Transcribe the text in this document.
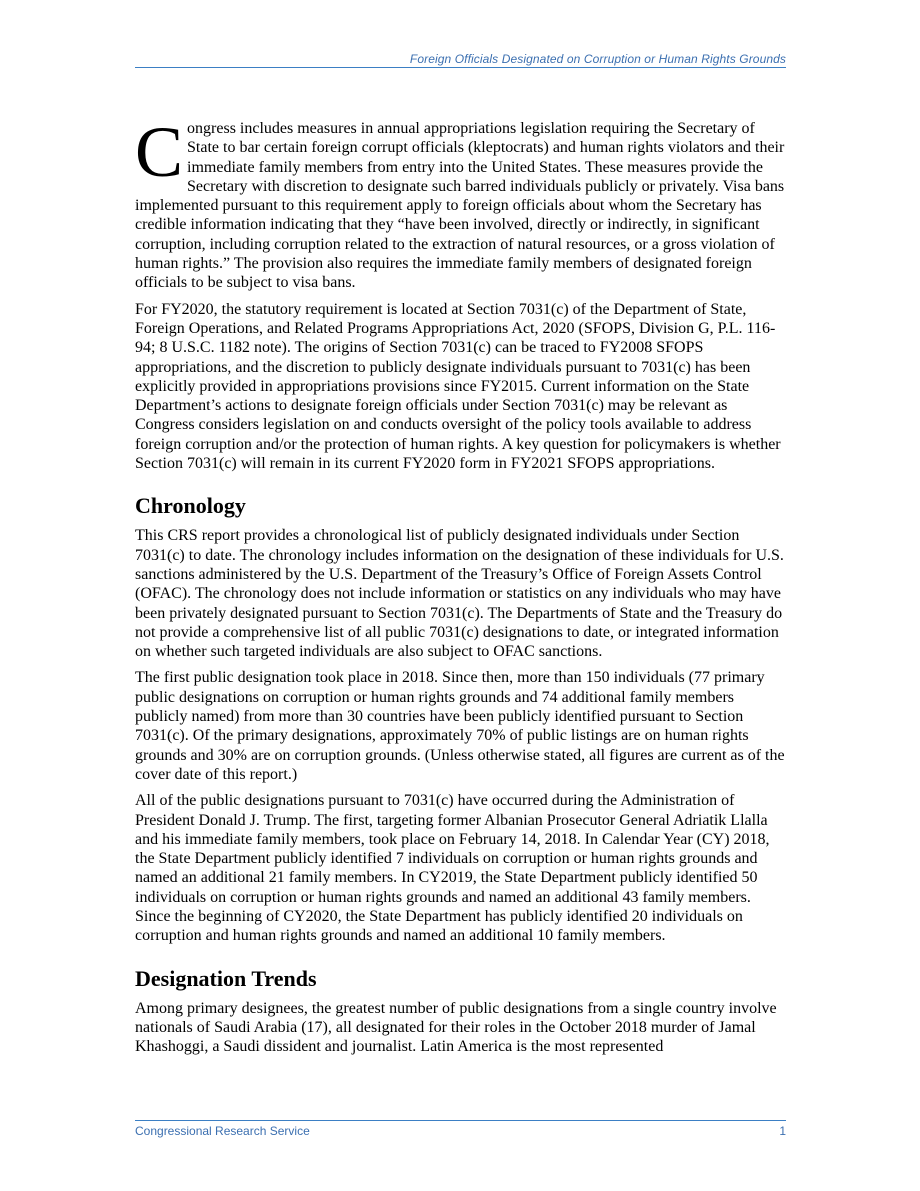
Foreign Officials Designated on Corruption or Human Rights Grounds

Congress includes measures in annual appropriations legislation requiring the Secretary of State to bar certain foreign corrupt officials (kleptocrats) and human rights violators and their immediate family members from entry into the United States. These measures provide the Secretary with discretion to designate such barred individuals publicly or privately. Visa bans implemented pursuant to this requirement apply to foreign officials about whom the Secretary has credible information indicating that they “have been involved, directly or indirectly, in significant corruption, including corruption related to the extraction of natural resources, or a gross violation of human rights.” The provision also requires the immediate family members of designated foreign officials to be subject to visa bans.

For FY2020, the statutory requirement is located at Section 7031(c) of the Department of State, Foreign Operations, and Related Programs Appropriations Act, 2020 (SFOPS, Division G, P.L. 116-94; 8 U.S.C. 1182 note). The origins of Section 7031(c) can be traced to FY2008 SFOPS appropriations, and the discretion to publicly designate individuals pursuant to 7031(c) has been explicitly provided in appropriations provisions since FY2015. Current information on the State Department’s actions to designate foreign officials under Section 7031(c) may be relevant as Congress considers legislation on and conducts oversight of the policy tools available to address foreign corruption and/or the protection of human rights. A key question for policymakers is whether Section 7031(c) will remain in its current FY2020 form in FY2021 SFOPS appropriations.

Chronology

This CRS report provides a chronological list of publicly designated individuals under Section 7031(c) to date. The chronology includes information on the designation of these individuals for U.S. sanctions administered by the U.S. Department of the Treasury’s Office of Foreign Assets Control (OFAC). The chronology does not include information or statistics on any individuals who may have been privately designated pursuant to Section 7031(c). The Departments of State and the Treasury do not provide a comprehensive list of all public 7031(c) designations to date, or integrated information on whether such targeted individuals are also subject to OFAC sanctions.

The first public designation took place in 2018. Since then, more than 150 individuals (77 primary public designations on corruption or human rights grounds and 74 additional family members publicly named) from more than 30 countries have been publicly identified pursuant to Section 7031(c). Of the primary designations, approximately 70% of public listings are on human rights grounds and 30% are on corruption grounds. (Unless otherwise stated, all figures are current as of the cover date of this report.)

All of the public designations pursuant to 7031(c) have occurred during the Administration of President Donald J. Trump. The first, targeting former Albanian Prosecutor General Adriatik Llalla and his immediate family members, took place on February 14, 2018. In Calendar Year (CY) 2018, the State Department publicly identified 7 individuals on corruption or human rights grounds and named an additional 21 family members. In CY2019, the State Department publicly identified 50 individuals on corruption or human rights grounds and named an additional 43 family members. Since the beginning of CY2020, the State Department has publicly identified 20 individuals on corruption and human rights grounds and named an additional 10 family members.

Designation Trends

Among primary designees, the greatest number of public designations from a single country involve nationals of Saudi Arabia (17), all designated for their roles in the October 2018 murder of Jamal Khashoggi, a Saudi dissident and journalist. Latin America is the most represented

Congressional Research Service	1
